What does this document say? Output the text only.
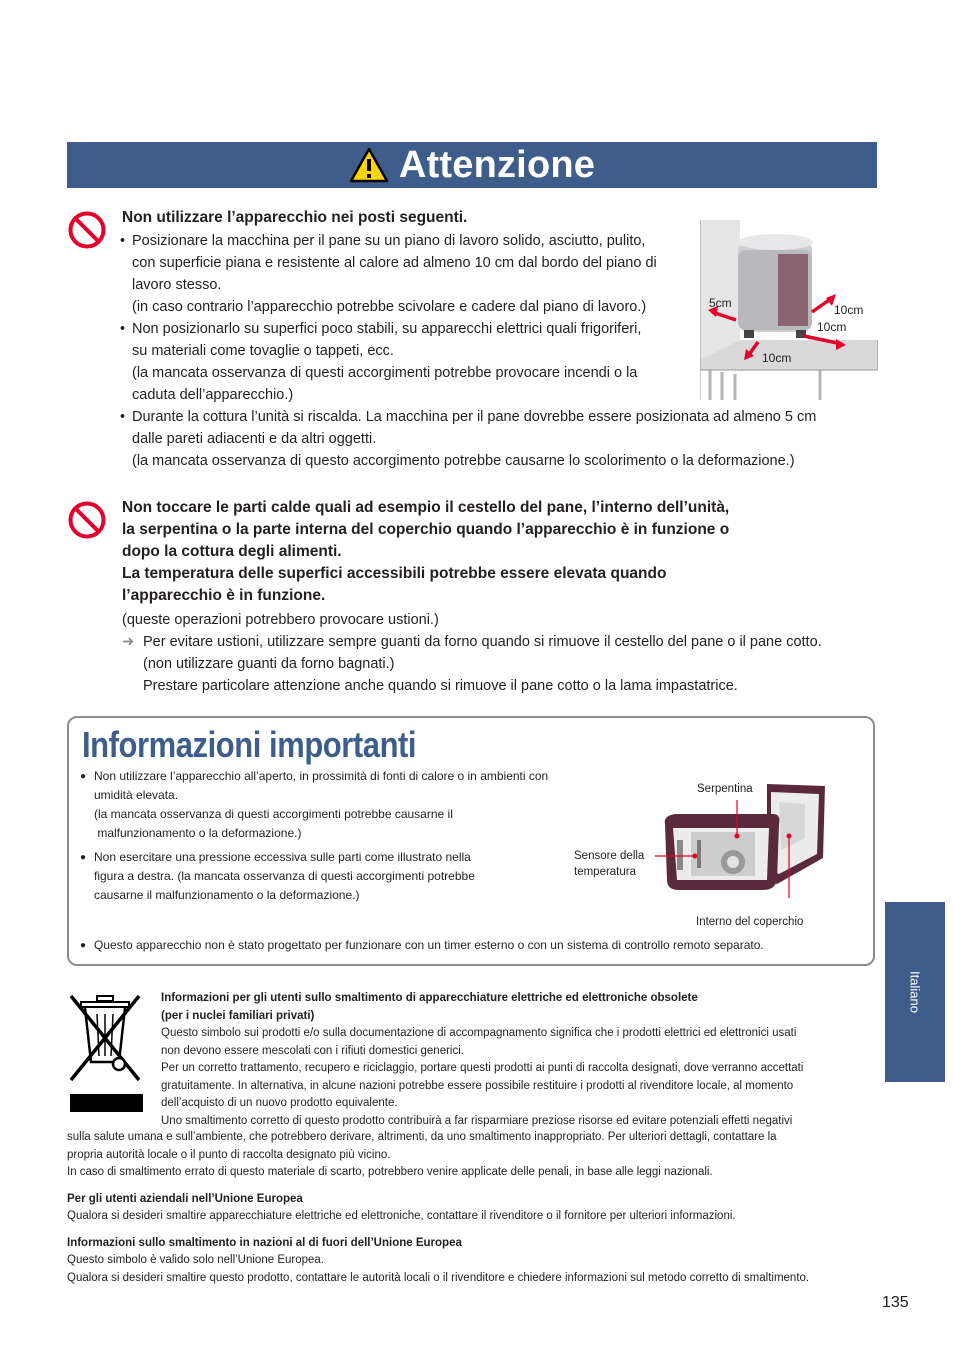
Attenzione
Non utilizzare l’apparecchio nei posti seguenti.
• Posizionare la macchina per il pane su un piano di lavoro solido, asciutto, pulito,
con superficie piana e resistente al calore ad almeno 10 cm dal bordo del piano di
lavoro stesso.
(in caso contrario l’apparecchio potrebbe scivolare e cadere dal piano di lavoro.)
• Non posizionarlo su superfici poco stabili, su apparecchi elettrici quali frigoriferi,
su materiali come tovaglie o tappeti, ecc.
(la mancata osservanza di questi accorgimenti potrebbe provocare incendi o la
caduta dell’apparecchio.)
• Durante la cottura l’unità si riscalda. La macchina per il pane dovrebbe essere posizionata ad almeno 5 cm
dalle pareti adiacenti e da altri oggetti.
(la mancata osservanza di questo accorgimento potrebbe causarne lo scolorimento o la deformazione.)
5cm	10cm
10cm
10cm
Non toccare le parti calde quali ad esempio il cestello del pane, l’interno dell’unità,
la serpentina o la parte interna del coperchio quando l’apparecchio è in funzione o
dopo la cottura degli alimenti.
La temperatura delle superfici accessibili potrebbe essere elevata quando
l’apparecchio è in funzione.
(queste operazioni potrebbero provocare ustioni.)
➜ Per evitare ustioni, utilizzare sempre guanti da forno quando si rimuove il cestello del pane o il pane cotto.
(non utilizzare guanti da forno bagnati.)
Prestare particolare attenzione anche quando si rimuove il pane cotto o la lama impastatrice.
Informazioni importanti
● Non utilizzare l’apparecchio all’aperto, in prossimità di fonti di calore o in ambienti con
umidità elevata.
(la mancata osservanza di questi accorgimenti potrebbe causarne il
malfunzionamento o la deformazione.)
● Non esercitare una pressione eccessiva sulle parti come illustrato nella
figura a destra. (la mancata osservanza di questi accorgimenti potrebbe
causarne il malfunzionamento o la deformazione.)
● Questo apparecchio non è stato progettato per funzionare con un timer esterno o con un sistema di controllo remoto separato.
Serpentina
Sensore della
temperatura
Interno del coperchio
Italiano
Informazioni per gli utenti sullo smaltimento di apparecchiature elettriche ed elettroniche obsolete
(per i nuclei familiari privati)
Questo simbolo sui prodotti e/o sulla documentazione di accompagnamento significa che i prodotti elettrici ed elettronici usati
non devono essere mescolati con i rifiuti domestici generici.
Per un corretto trattamento, recupero e riciclaggio, portare questi prodotti ai punti di raccolta designati, dove verranno accettati
gratuitamente. In alternativa, in alcune nazioni potrebbe essere possibile restituire i prodotti al rivenditore locale, al momento
dell’acquisto di un nuovo prodotto equivalente.
Uno smaltimento corretto di questo prodotto contribuirà a far risparmiare preziose risorse ed evitare potenziali effetti negativi
sulla salute umana e sull’ambiente, che potrebbero derivare, altrimenti, da uno smaltimento inappropriato. Per ulteriori dettagli, contattare la
propria autorità locale o il punto di raccolta designato più vicino.
In caso di smaltimento errato di questo materiale di scarto, potrebbero venire applicate delle penali, in base alle leggi nazionali.
Per gli utenti aziendali nell’Unione Europea
Qualora si desideri smaltire apparecchiature elettriche ed elettroniche, contattare il rivenditore o il fornitore per ulteriori informazioni.
Informazioni sullo smaltimento in nazioni al di fuori dell’Unione Europea
Questo simbolo è valido solo nell’Unione Europea.
Qualora si desideri smaltire questo prodotto, contattare le autorità locali o il rivenditore e chiedere informazioni sul metodo corretto di smaltimento.
135
